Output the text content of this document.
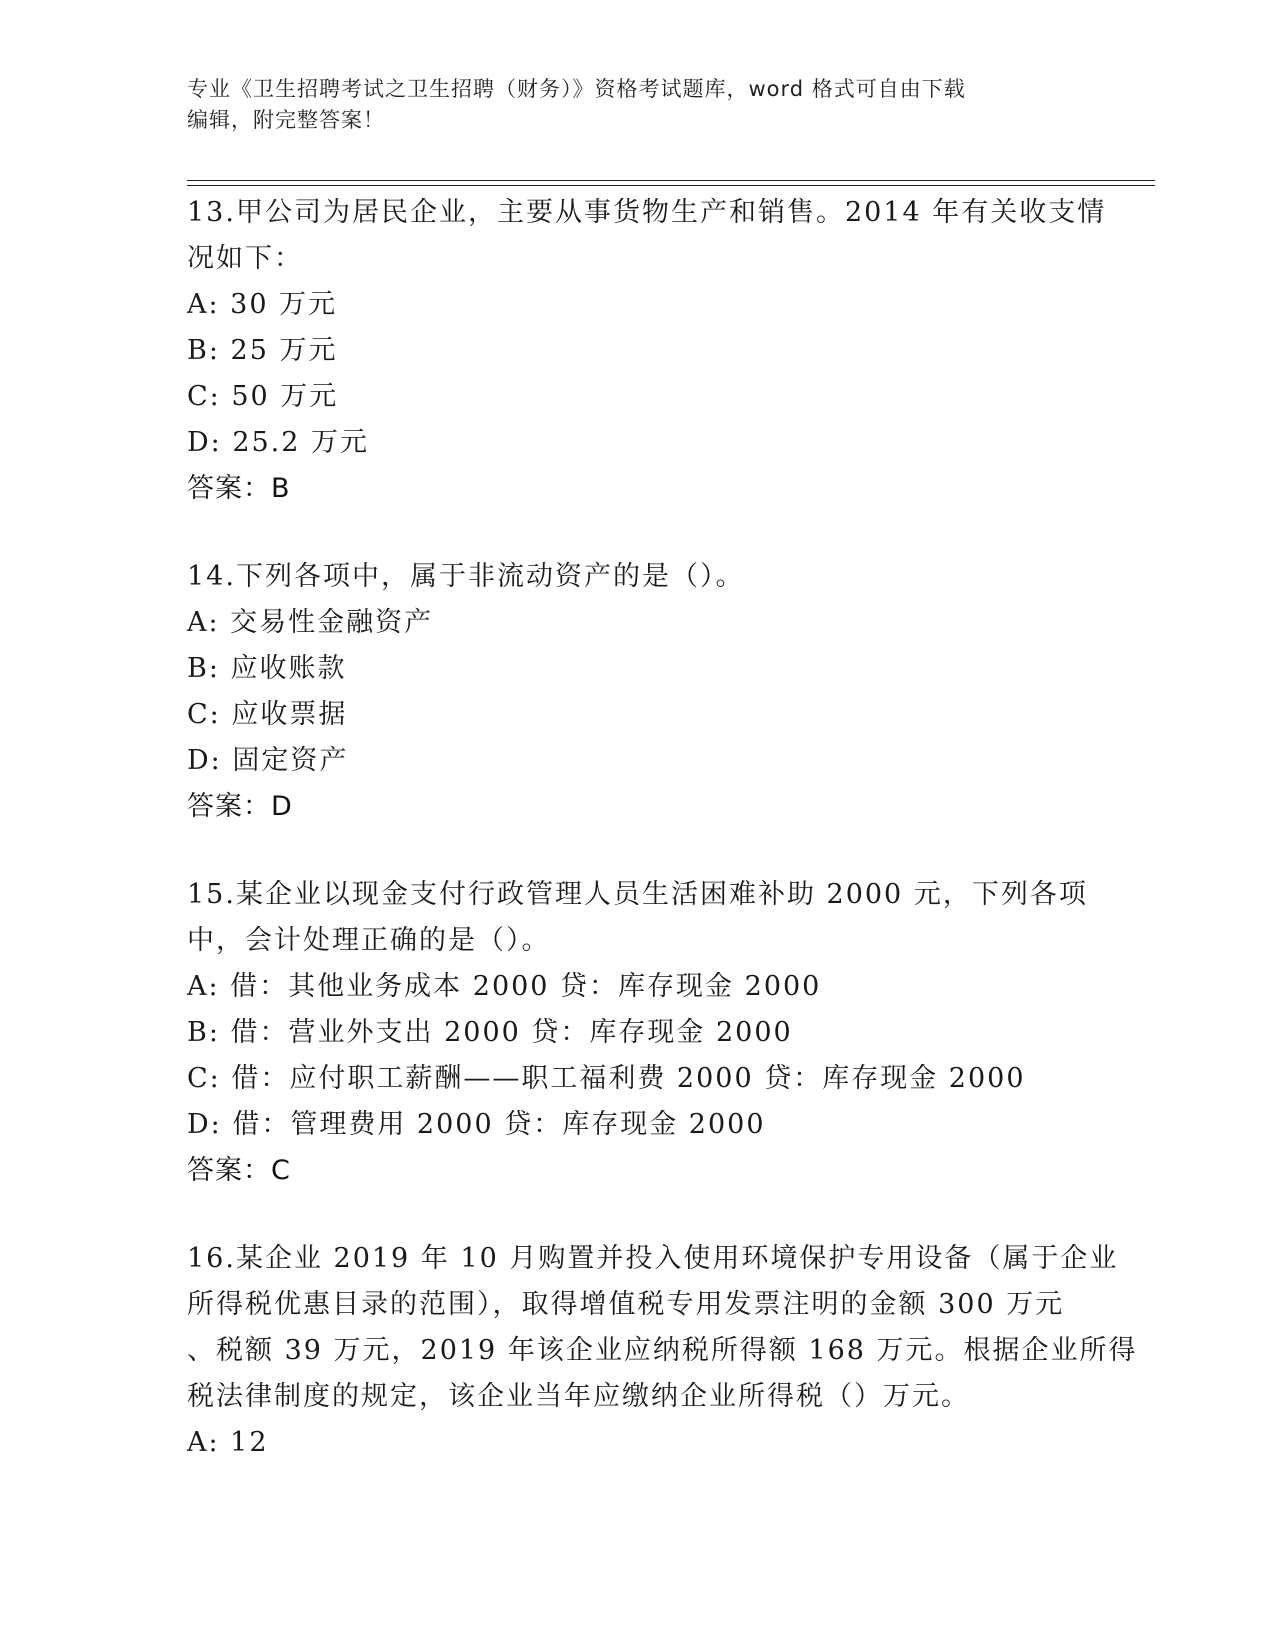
专业《卫生招聘考试之卫生招聘（财务）》资格考试题库，word 格式可自由下载
编辑，附完整答案！
13.甲公司为居民企业，主要从事货物生产和销售。2014 年有关收支情
况如下：
A: 30 万元
B: 25 万元
C: 50 万元
D: 25.2 万元
答案：B
14.下列各项中，属于非流动资产的是（）。
A: 交易性金融资产
B: 应收账款
C: 应收票据
D: 固定资产
答案：D
15.某企业以现金支付行政管理人员生活困难补助 2000 元，下列各项
中，会计处理正确的是（）。
A: 借：其他业务成本 2000 贷：库存现金 2000
B: 借：营业外支出 2000 贷：库存现金 2000
C: 借：应付职工薪酬——职工福利费 2000 贷：库存现金 2000
D: 借：管理费用 2000 贷：库存现金 2000
答案：C
16.某企业 2019 年 10 月购置并投入使用环境保护专用设备（属于企业
所得税优惠目录的范围），取得增值税专用发票注明的金额 300 万元
、税额 39 万元，2019 年该企业应纳税所得额 168 万元。根据企业所得
税法律制度的规定，该企业当年应缴纳企业所得税（）万元。
A: 12
